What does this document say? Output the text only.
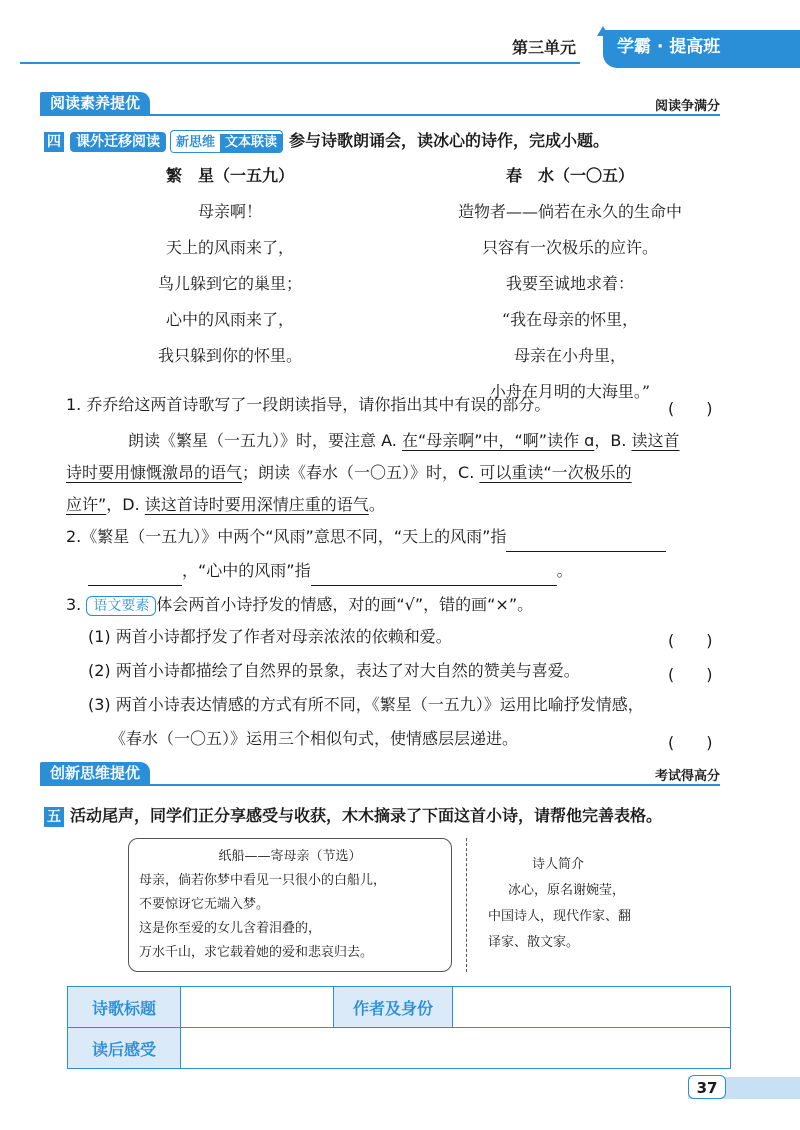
第三单元	学霸 · 提高班
阅读素养提优	阅读争满分
四 课外迁移阅读 新思维 文本联读 参与诗歌朗诵会，读冰心的诗作，完成小题。
繁　星（一五九）
母亲啊！
天上的风雨来了，
鸟儿躲到它的巢里；
心中的风雨来了，
我只躲到你的怀里。
春　水（一〇五）
造物者——倘若在永久的生命中
只容有一次极乐的应许。
我要至诚地求着：
“我在母亲的怀里，
母亲在小舟里，
小舟在月明的大海里。”
1. 乔乔给这两首诗歌写了一段朗读指导，请你指出其中有误的部分。	(　　)
朗读《繁星（一五九）》时，要注意 A. 在“母亲啊”中，“啊”读作 ɑ，B. 读这首
诗时要用慷慨激昂的语气；朗读《春水（一〇五）》时，C. 可以重读“一次极乐的
应许”，D. 读这首诗时要用深情庄重的语气。
2.《繁星（一五九）》中两个“风雨”意思不同，“天上的风雨”指
，“心中的风雨”指	。
3. 语文要素 体会两首小诗抒发的情感，对的画“√”，错的画“×”。
(1) 两首小诗都抒发了作者对母亲浓浓的依赖和爱。	(　　)
(2) 两首小诗都描绘了自然界的景象，表达了对大自然的赞美与喜爱。	(　　)
(3) 两首小诗表达情感的方式有所不同，《繁星（一五九）》运用比喻抒发情感，
《春水（一〇五）》运用三个相似句式，使情感层层递进。	(　　)
创新思维提优	考试得高分
五 活动尾声，同学们正分享感受与收获，木木摘录了下面这首小诗，请帮他完善表格。
纸船——寄母亲（节选）
母亲，倘若你梦中看见一只很小的白船儿，
不要惊讶它无端入梦。
这是你至爱的女儿含着泪叠的，
万水千山，求它载着她的爱和悲哀归去。
诗人简介
冰心，原名谢婉莹，
中国诗人，现代作家、翻
译家、散文家。
诗歌标题		作者及身份	
读后感受			
37
